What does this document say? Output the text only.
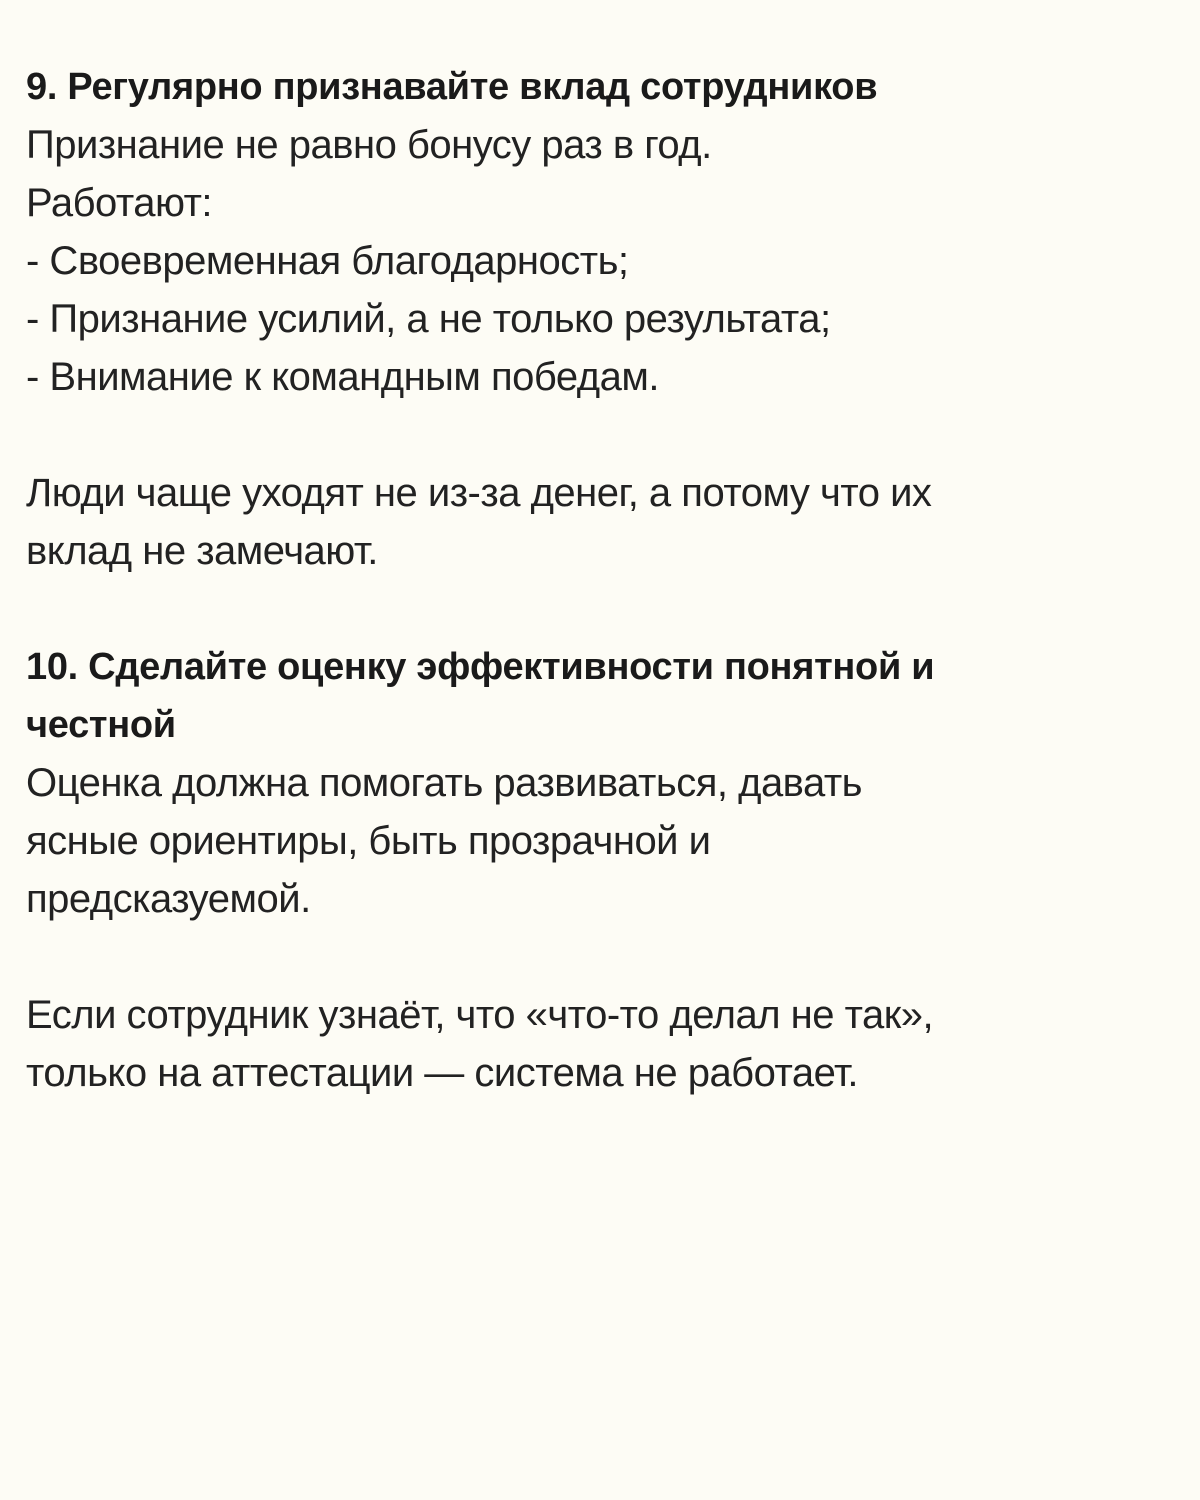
9. Регулярно признавайте вклад сотрудников

Признание не равно бонусу раз в год.

Работают:

- Своевременная благодарность;

- Признание усилий, а не только результата;

- Внимание к командным победам.

Люди чаще уходят не из-за денег, а потому что их

вклад не замечают.

10. Сделайте оценку эффективности понятной и

честной

Оценка должна помогать развиваться, давать

ясные ориентиры, быть прозрачной и

предсказуемой.

Если сотрудник узнаёт, что «что-то делал не так»,

только на аттестации — система не работает.
